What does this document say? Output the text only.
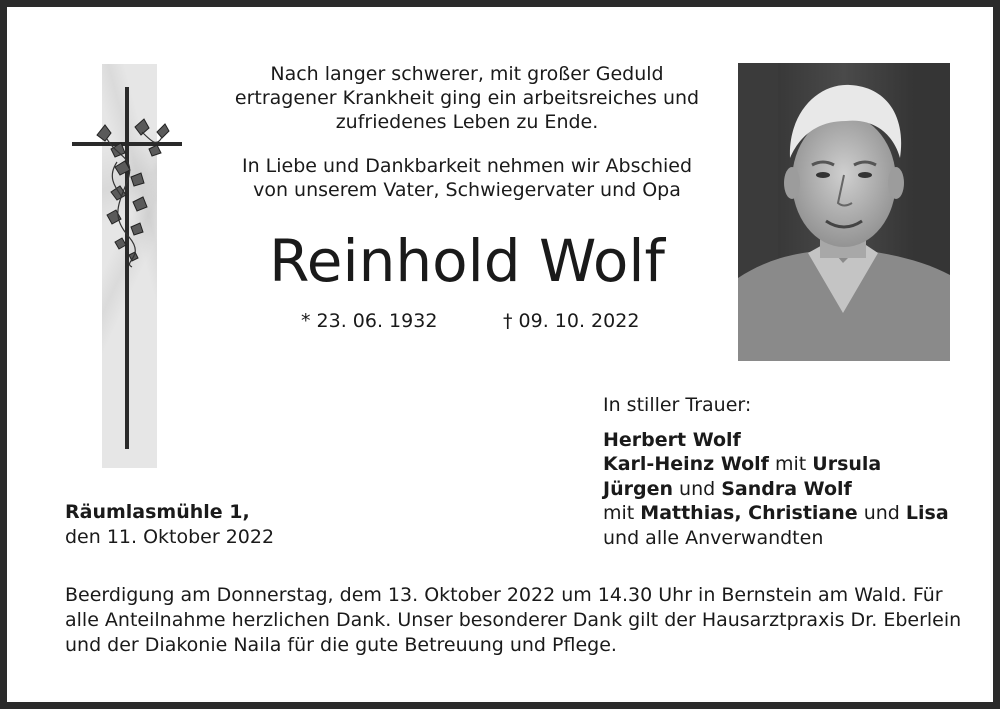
Nach langer schwerer, mit großer Geduld
ertragener Krankheit ging ein arbeitsreiches und
zufriedenes Leben zu Ende.
In Liebe und Dankbarkeit nehmen wir Abschied
von unserem Vater, Schwiegervater und Opa
Reinhold Wolf
* 23. 06. 1932	† 09. 10. 2022
In stiller Trauer:
Herbert Wolf
Karl-Heinz Wolf mit Ursula
Jürgen und Sandra Wolf
mit Matthias, Christiane und Lisa
und alle Anverwandten
Räumlasmühle 1,
den 11. Oktober 2022
Beerdigung am Donnerstag, dem 13. Oktober 2022 um 14.30 Uhr in Bernstein am Wald. Für
alle Anteilnahme herzlichen Dank. Unser besonderer Dank gilt der Hausarztpraxis Dr. Eberlein
und der Diakonie Naila für die gute Betreuung und Pflege.
